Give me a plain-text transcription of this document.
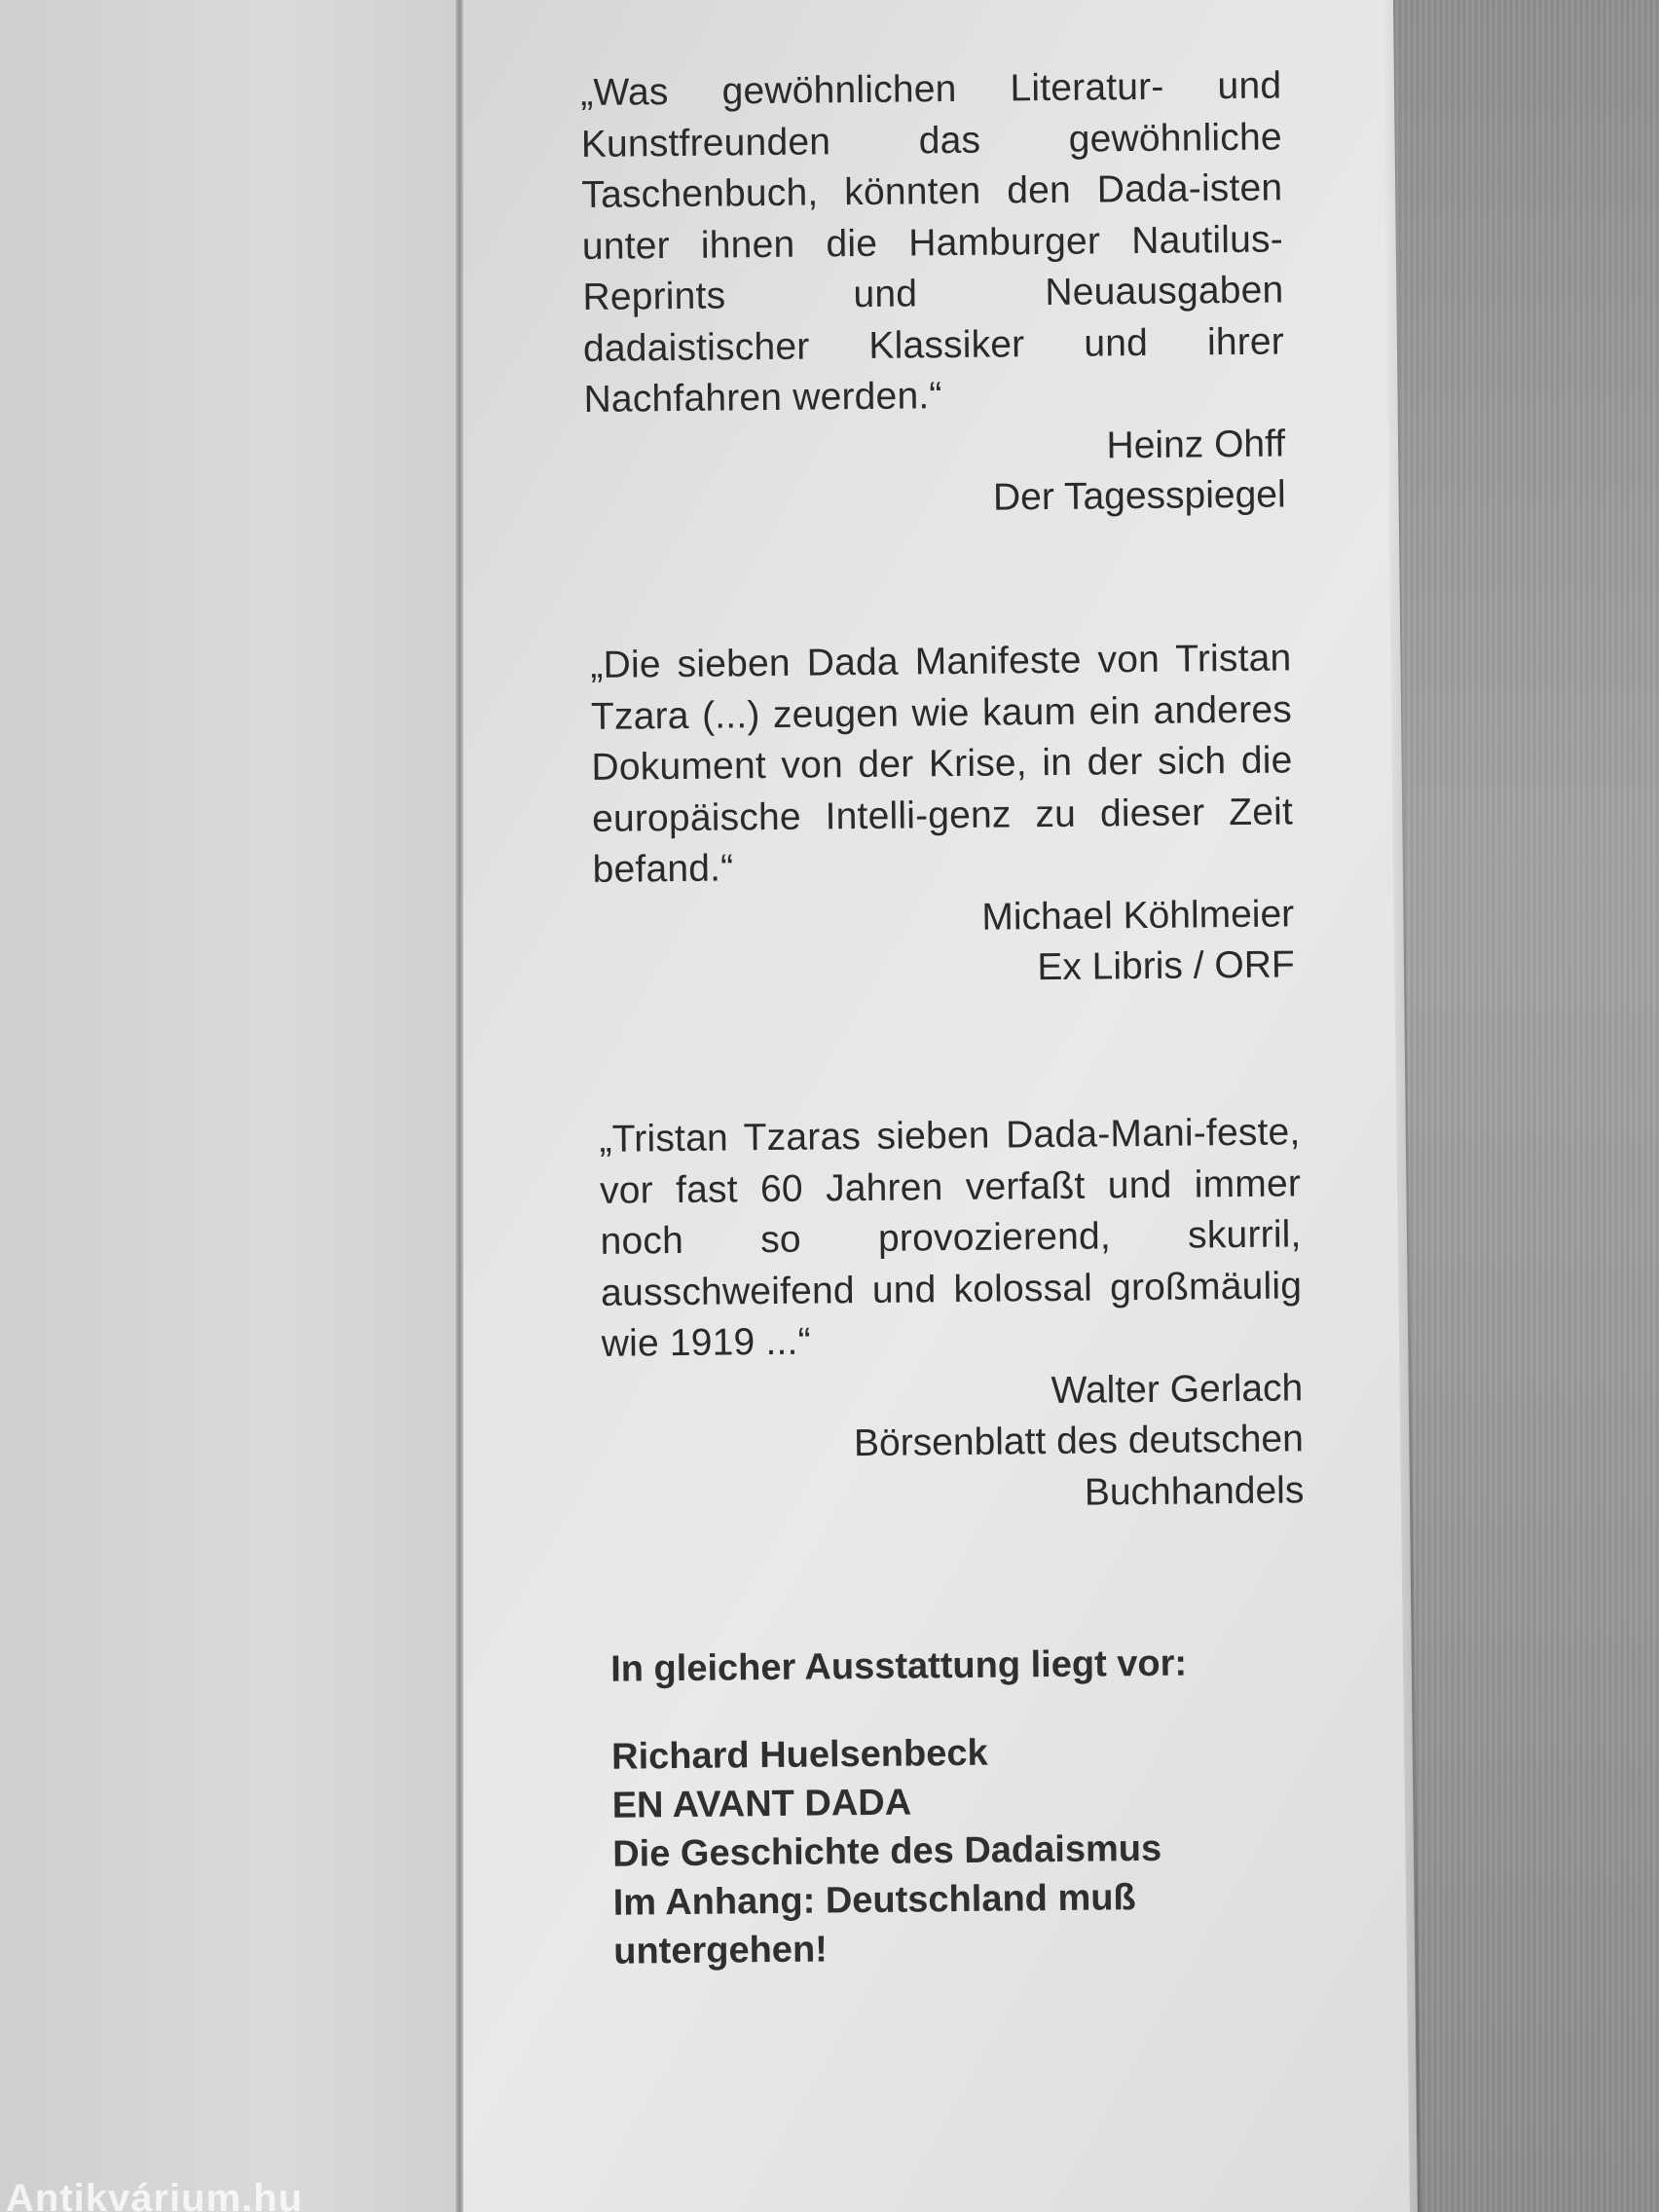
„Was gewöhnlichen Literatur- und Kunstfreunden das gewöhnliche Taschenbuch, könnten den Dada-isten unter ihnen die Hamburger Nautilus-Reprints und Neuausgaben dadaistischer Klassiker und ihrer Nachfahren werden.“

Heinz Ohff

Der Tagesspiegel

„Die sieben Dada Manifeste von Tristan Tzara (...) zeugen wie kaum ein anderes Dokument von der Krise, in der sich die europäische Intelli-genz zu dieser Zeit befand.“

Michael Köhlmeier

Ex Libris / ORF

„Tristan Tzaras sieben Dada-Mani-feste, vor fast 60 Jahren verfaßt und immer noch so provozierend, skurril, ausschweifend und kolossal großmäulig wie 1919 ...“

Walter Gerlach

Börsenblatt des deutschen

Buchhandels

In gleicher Ausstattung liegt vor:

Richard Huelsenbeck

EN AVANT DADA

Die Geschichte des Dadaismus

Im Anhang: Deutschland muß

untergehen!

Antikvárium.hu
